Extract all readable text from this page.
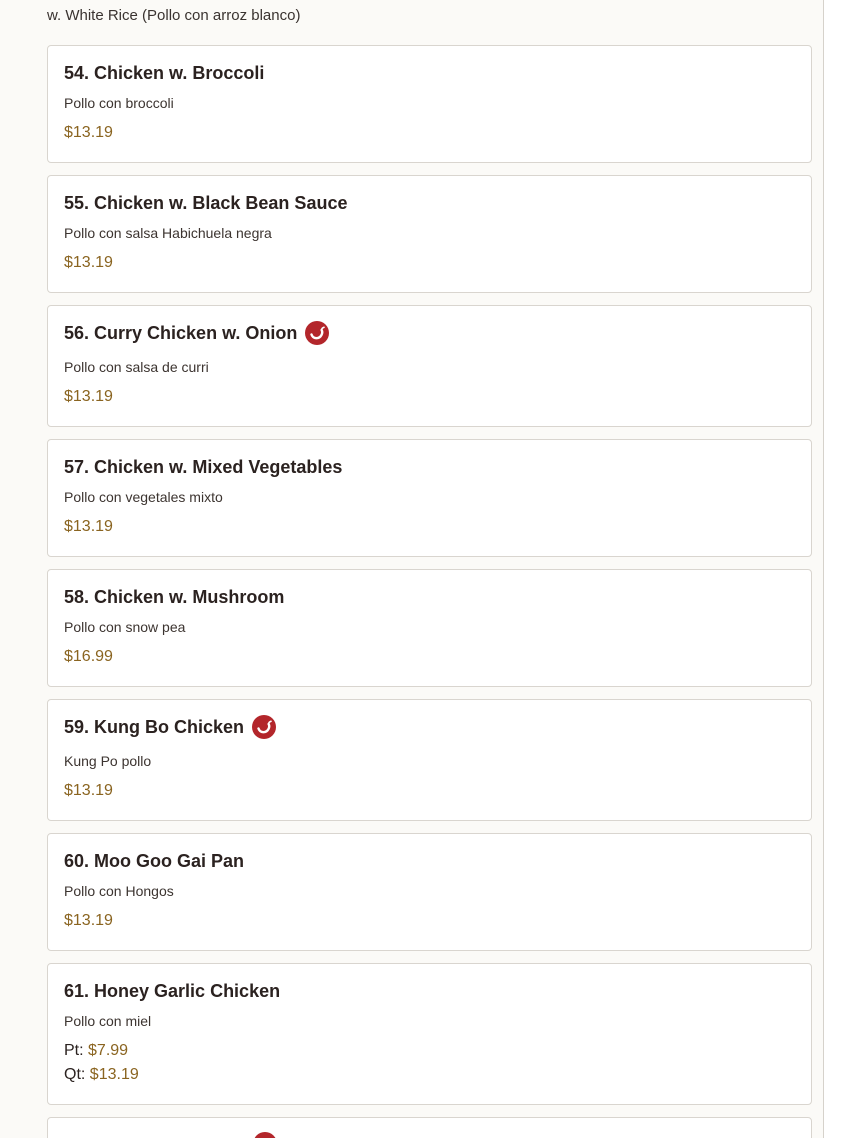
w. White Rice (Pollo con arroz blanco)
54. Chicken w. Broccoli
Pollo con broccoli
$13.19
55. Chicken w. Black Bean Sauce
Pollo con salsa Habichuela negra
$13.19
56. Curry Chicken w. Onion
Pollo con salsa de curri
$13.19
57. Chicken w. Mixed Vegetables
Pollo con vegetales mixto
$13.19
58. Chicken w. Mushroom
Pollo con snow pea
$16.99
59. Kung Bo Chicken
Kung Po pollo
$13.19
60. Moo Goo Gai Pan
Pollo con Hongos
$13.19
61. Honey Garlic Chicken
Pollo con miel
Pt: $7.99
Qt: $13.19
